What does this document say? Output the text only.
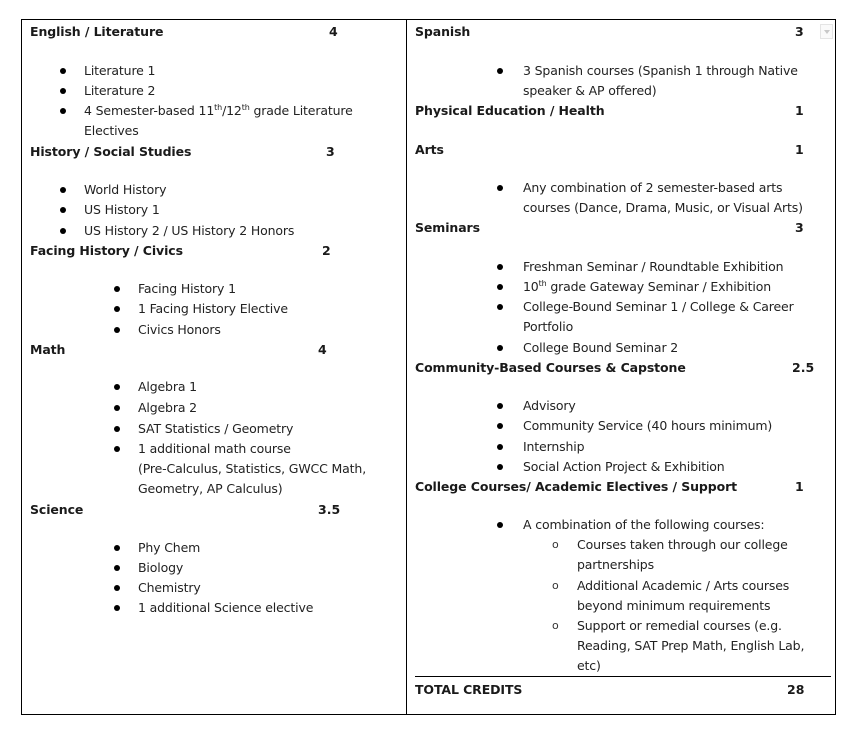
English / Literature	4
Literature 1
Literature 2
4 Semester-based 11th/12th grade Literature
Electives
History / Social Studies	3
World History
US History 1
US History 2 / US History 2 Honors
Facing History / Civics	2
Facing History 1
1 Facing History Elective
Civics Honors
Math	4
Algebra 1
Algebra 2
SAT Statistics / Geometry
1 additional math course
(Pre-Calculus, Statistics, GWCC Math,
Geometry, AP Calculus)
Science	3.5
Phy Chem
Biology
Chemistry
1 additional Science elective
Spanish	3
3 Spanish courses (Spanish 1 through Native
speaker & AP offered)
Physical Education / Health	1
Arts	1
Any combination of 2 semester-based arts
courses (Dance, Drama, Music, or Visual Arts)
Seminars	3
Freshman Seminar / Roundtable Exhibition
10th grade Gateway Seminar / Exhibition
College-Bound Seminar 1 / College & Career
Portfolio
College Bound Seminar 2
Community-Based Courses & Capstone	2.5
Advisory
Community Service (40 hours minimum)
Internship
Social Action Project & Exhibition
College Courses/ Academic Electives / Support	1
A combination of the following courses:
o Courses taken through our college
partnerships
o Additional Academic / Arts courses
beyond minimum requirements
o Support or remedial courses (e.g.
Reading, SAT Prep Math, English Lab,
etc)
TOTAL CREDITS	28
